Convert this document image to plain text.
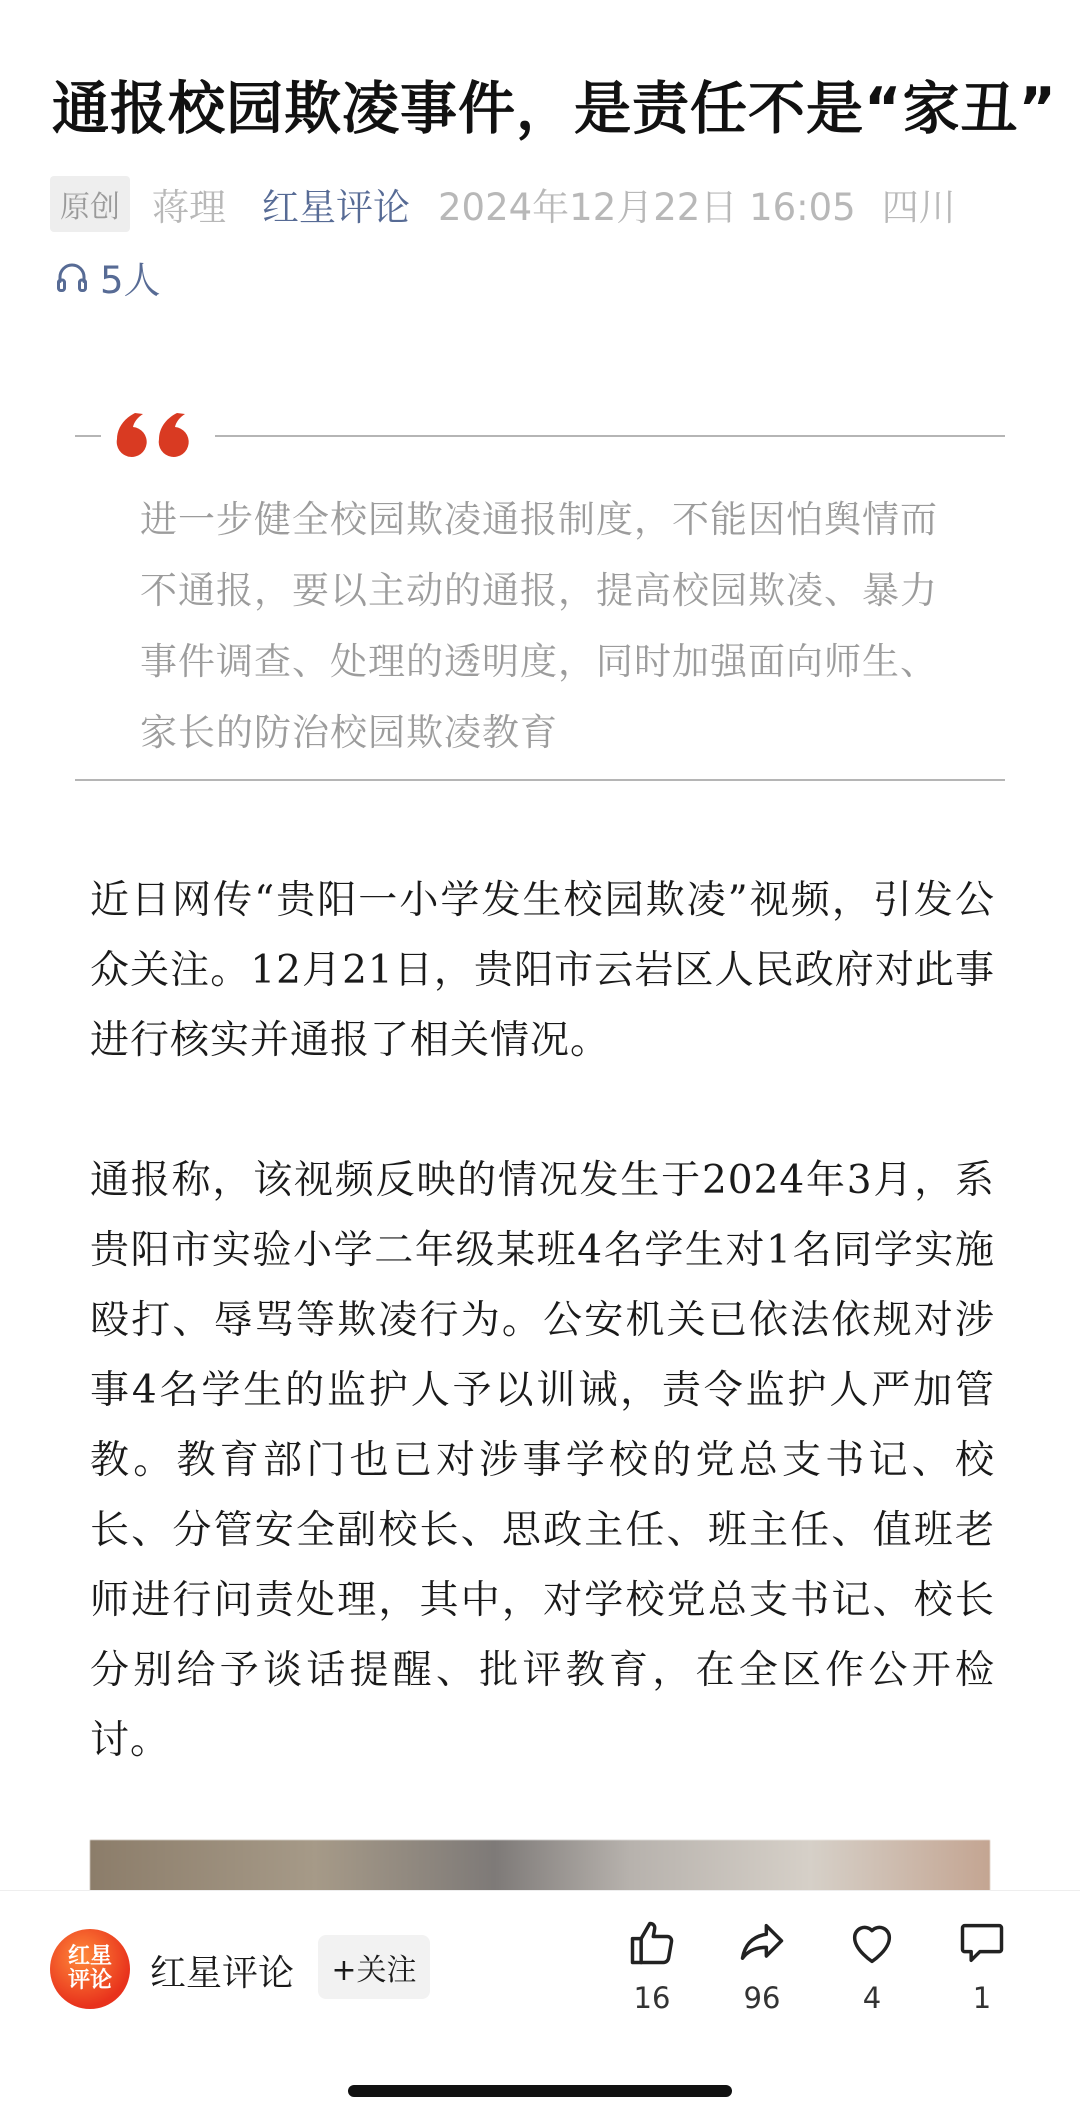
通报校园欺凌事件，是责任不是“家丑”
原创 蒋理 红星评论 2024年12月22日 16:05 四川
5人
进一步健全校园欺凌通报制度，不能因怕舆情而不通报，要以主动的通报，提高校园欺凌、暴力事件调查、处理的透明度，同时加强面向师生、家长的防治校园欺凌教育
近日网传“贵阳一小学发生校园欺凌”视频，引发公众关注。12月21日，贵阳市云岩区人民政府对此事进行核实并通报了相关情况。
通报称，该视频反映的情况发生于2024年3月，系贵阳市实验小学二年级某班4名学生对1名同学实施殴打、辱骂等欺凌行为。公安机关已依法依规对涉事4名学生的监护人予以训诫，责令监护人严加管教。教育部门也已对涉事学校的党总支书记、校长、分管安全副校长、思政主任、班主任、值班老师进行问责处理，其中，对学校党总支书记、校长分别给予谈话提醒、批评教育，在全区作公开检讨。
红星评论 红星评论	+关注
16	96	4	1
